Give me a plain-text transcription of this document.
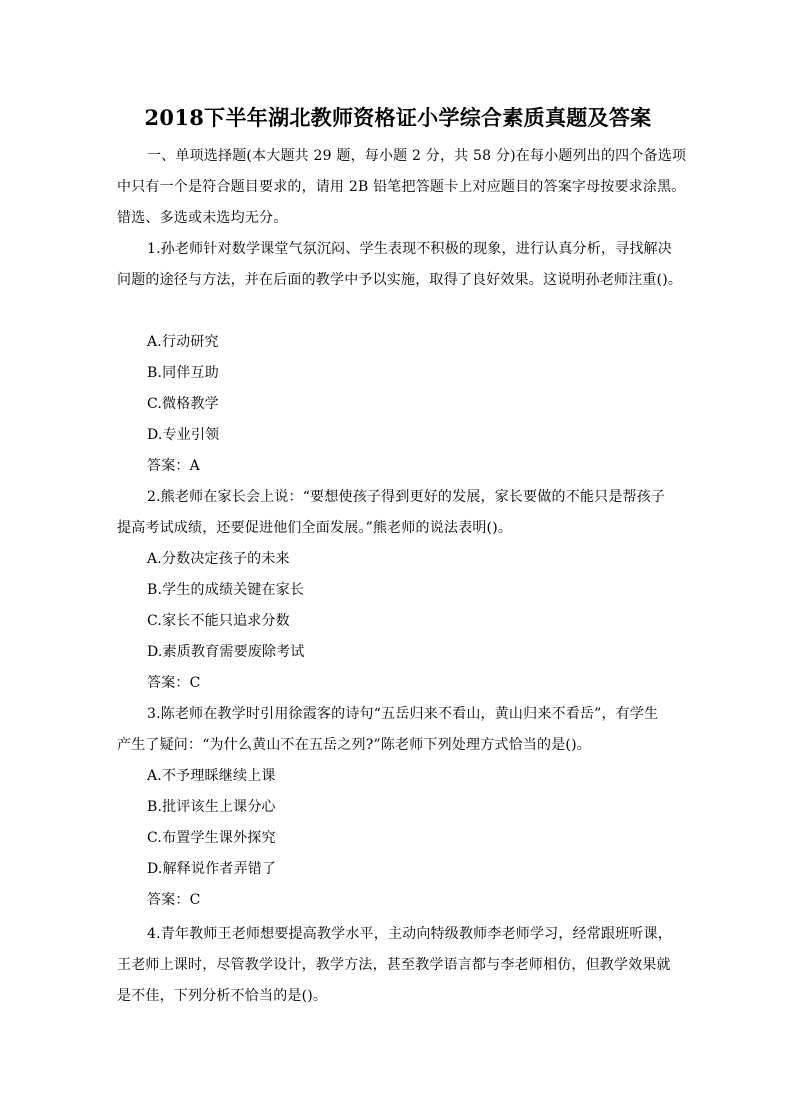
2018下半年湖北教师资格证小学综合素质真题及答案
一、单项选择题(本大题共 29 题，每小题 2 分，共 58 分)在每小题列出的四个备选项
中只有一个是符合题目要求的，请用 2B 铅笔把答题卡上对应题目的答案字母按要求涂黑。
错选、多选或未选均无分。
1.孙老师针对数学课堂气氛沉闷、学生表现不积极的现象，进行认真分析，寻找解决
问题的途径与方法，并在后面的教学中予以实施，取得了良好效果。这说明孙老师注重()。
A.行动研究
B.同伴互助
C.微格教学
D.专业引领
答案：A
2.熊老师在家长会上说：“要想使孩子得到更好的发展，家长要做的不能只是帮孩子
提高考试成绩，还要促进他们全面发展。”熊老师的说法表明()。
A.分数决定孩子的未来
B.学生的成绩关键在家长
C.家长不能只追求分数
D.素质教育需要废除考试
答案：C
3.陈老师在教学时引用徐霞客的诗句“五岳归来不看山，黄山归来不看岳”，有学生
产生了疑问：“为什么黄山不在五岳之列?”陈老师下列处理方式恰当的是()。
A.不予理睬继续上课
B.批评该生上课分心
C.布置学生课外探究
D.解释说作者弄错了
答案：C
4.青年教师王老师想要提高教学水平，主动向特级教师李老师学习，经常跟班听课，
王老师上课时，尽管教学设计，教学方法，甚至教学语言都与李老师相仿，但教学效果就
是不佳，下列分析不恰当的是()。
